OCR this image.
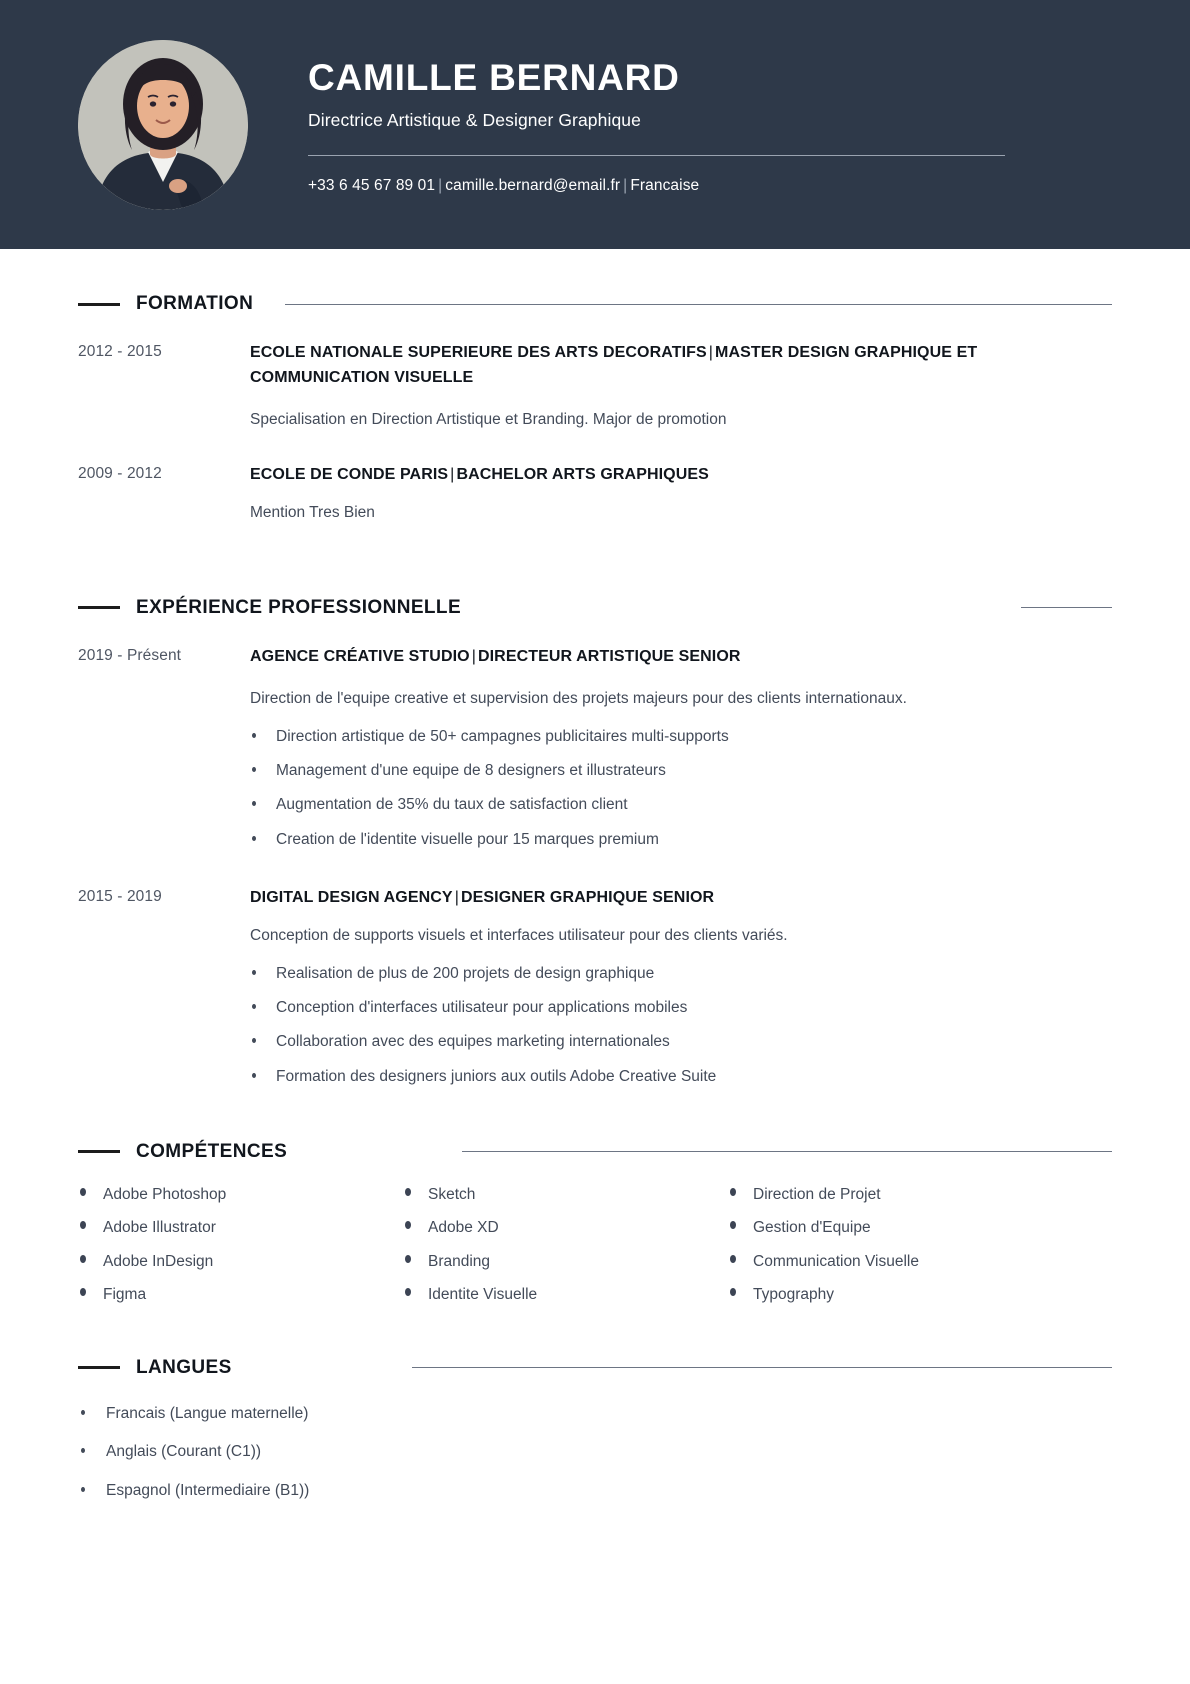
CAMILLE BERNARD
Directrice Artistique & Designer Graphique
+33 6 45 67 89 01 | camille.bernard@email.fr | Francaise
FORMATION
2012 - 2015	ECOLE NATIONALE SUPERIEURE DES ARTS DECORATIFS | MASTER DESIGN GRAPHIQUE ET COMMUNICATION VISUELLE
Specialisation en Direction Artistique et Branding. Major de promotion
2009 - 2012	ECOLE DE CONDE PARIS | BACHELOR ARTS GRAPHIQUES
Mention Tres Bien
EXPÉRIENCE PROFESSIONNELLE
2019 - Présent	AGENCE CRÉATIVE STUDIO | DIRECTEUR ARTISTIQUE SENIOR
Direction de l'equipe creative et supervision des projets majeurs pour des clients internationaux.
Direction artistique de 50+ campagnes publicitaires multi-supports
Management d'une equipe de 8 designers et illustrateurs
Augmentation de 35% du taux de satisfaction client
Creation de l'identite visuelle pour 15 marques premium
2015 - 2019	DIGITAL DESIGN AGENCY | DESIGNER GRAPHIQUE SENIOR
Conception de supports visuels et interfaces utilisateur pour des clients variés.
Realisation de plus de 200 projets de design graphique
Conception d'interfaces utilisateur pour applications mobiles
Collaboration avec des equipes marketing internationales
Formation des designers juniors aux outils Adobe Creative Suite
COMPÉTENCES
Adobe Photoshop	Sketch	Direction de Projet
Adobe Illustrator	Adobe XD	Gestion d'Equipe
Adobe InDesign	Branding	Communication Visuelle
Figma	Identite Visuelle	Typography
LANGUES
Francais (Langue maternelle)
Anglais (Courant (C1))
Espagnol (Intermediaire (B1))
